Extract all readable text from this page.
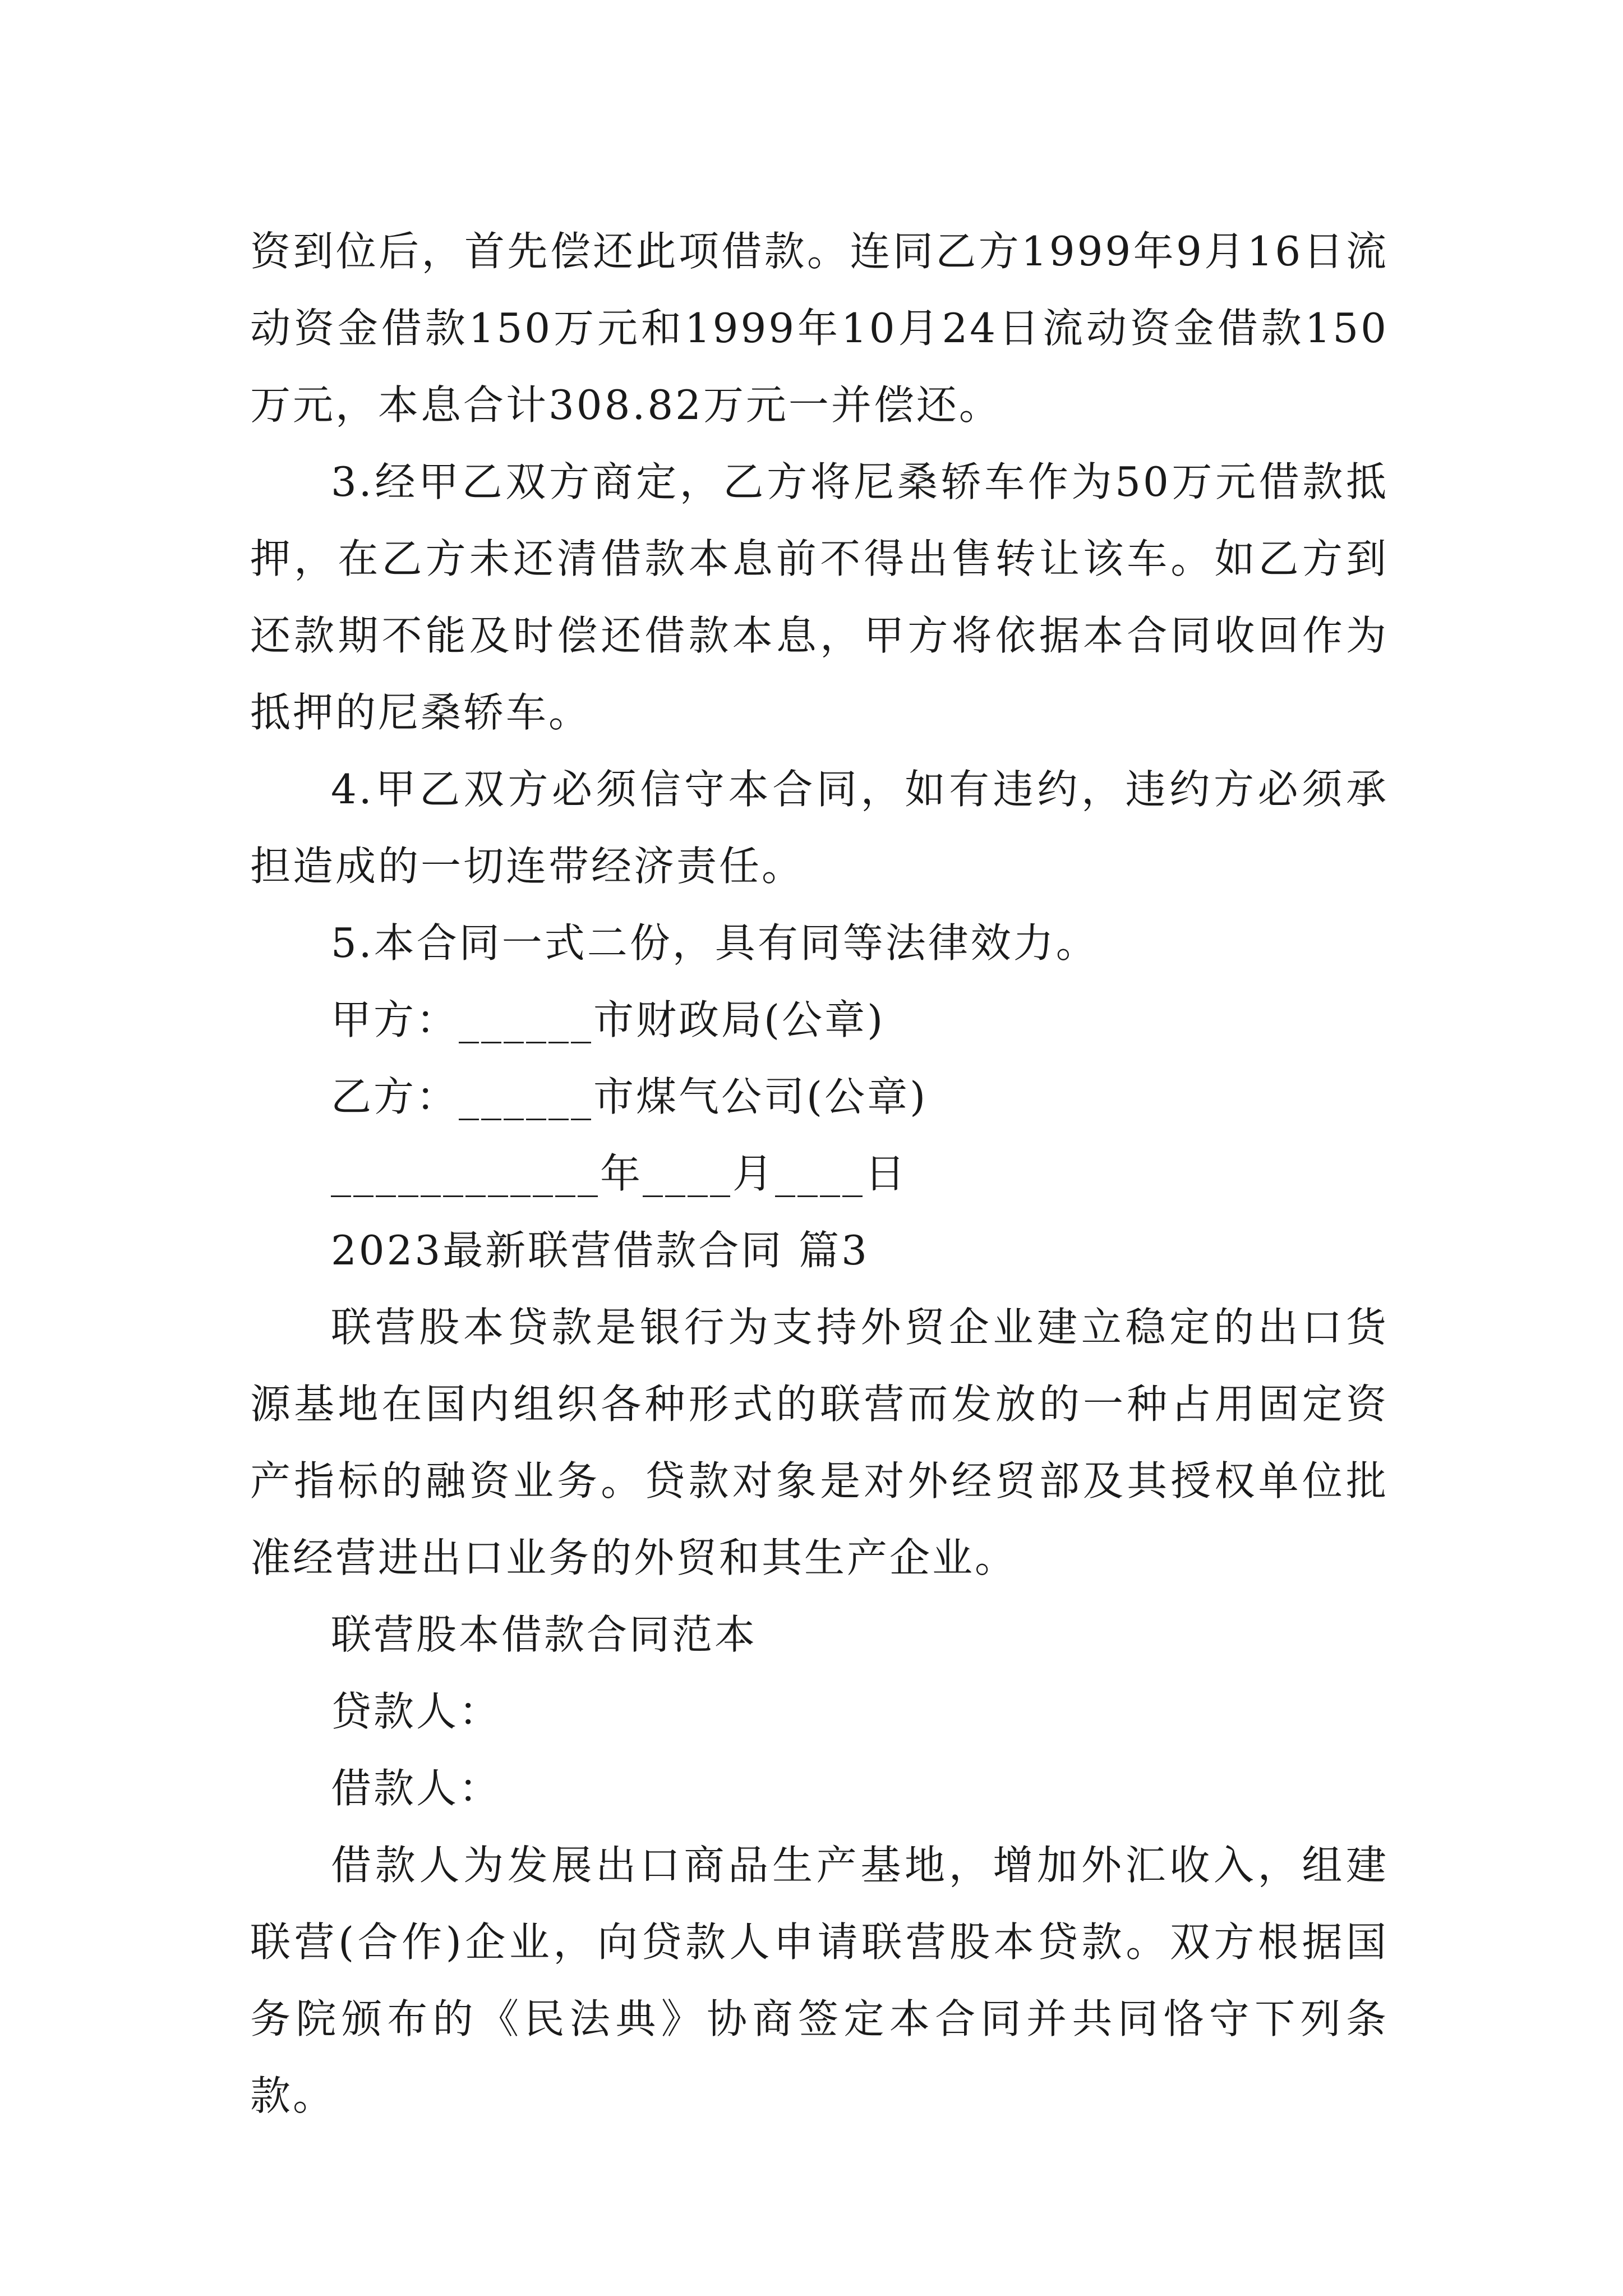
资到位后，首先偿还此项借款。连同乙方1999年9月16日流动资金借款150万元和1999年10月24日流动资金借款150万元，本息合计308.82万元一并偿还。

3.经甲乙双方商定，乙方将尼桑轿车作为50万元借款抵押，在乙方未还清借款本息前不得出售转让该车。如乙方到还款期不能及时偿还借款本息，甲方将依据本合同收回作为抵押的尼桑轿车。

4.甲乙双方必须信守本合同，如有违约，违约方必须承担造成的一切连带经济责任。

5.本合同一式二份，具有同等法律效力。

甲方：______市财政局(公章)

乙方：______市煤气公司(公章)

____________年____月____日

2023最新联营借款合同 篇3

联营股本贷款是银行为支持外贸企业建立稳定的出口货源基地在国内组织各种形式的联营而发放的一种占用固定资产指标的融资业务。贷款对象是对外经贸部及其授权单位批准经营进出口业务的外贸和其生产企业。

联营股本借款合同范本

贷款人：

借款人：

借款人为发展出口商品生产基地，增加外汇收入，组建联营(合作)企业，向贷款人申请联营股本贷款。双方根据国务院颁布的《民法典》协商签定本合同并共同恪守下列条款。
